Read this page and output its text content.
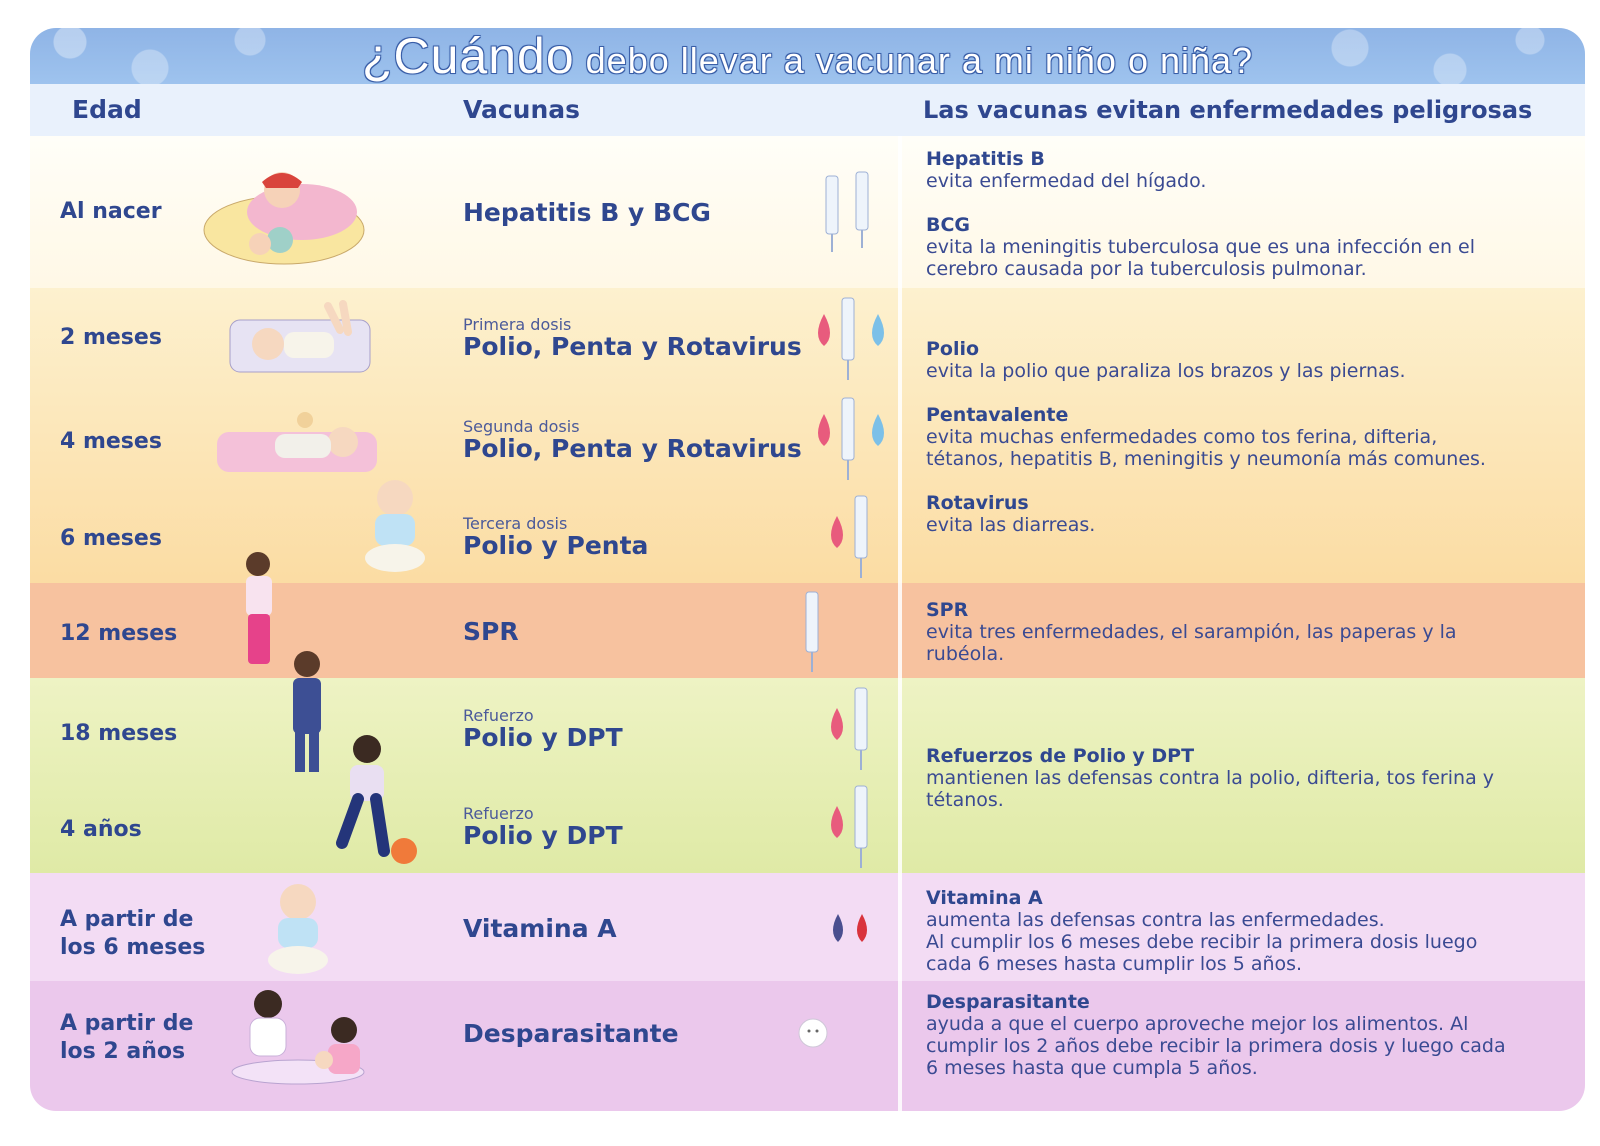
¿Cuándo debo llevar a vacunar a mi niño o niña?
Edad	Vacunas	Las vacunas evitan enfermedades peligrosas
Al nacer
2 meses
4 meses
6 meses
12 meses
18 meses
4 años
A partir de los 6 meses
A partir de los 2 años
Hepatitis B y BCG
Primera dosis
Polio, Penta y Rotavirus
Segunda dosis
Polio, Penta y Rotavirus
Tercera dosis
Polio y Penta
SPR
Refuerzo
Polio y DPT
Refuerzo
Polio y DPT
Vitamina A
Desparasitante
Hepatitis B
evita enfermedad del hígado.
BCG
evita la meningitis tuberculosa que es una infección en el
cerebro causada por la tuberculosis pulmonar.
Polio
evita la polio que paraliza los brazos y las piernas.
Pentavalente
evita muchas enfermedades como tos ferina, difteria,
tétanos, hepatitis B, meningitis y neumonía más comunes.
Rotavirus
evita las diarreas.
SPR
evita tres enfermedades, el sarampión, las paperas y la
rubéola.
Refuerzos de Polio y DPT
mantienen las defensas contra la polio, difteria, tos ferina y
tétanos.
Vitamina A
aumenta las defensas contra las enfermedades.
Al cumplir los 6 meses debe recibir la primera dosis luego
cada 6 meses hasta cumplir los 5 años.
Desparasitante
ayuda a que el cuerpo aproveche mejor los alimentos. Al
cumplir los 2 años debe recibir la primera dosis y luego cada
6 meses hasta que cumpla 5 años.
